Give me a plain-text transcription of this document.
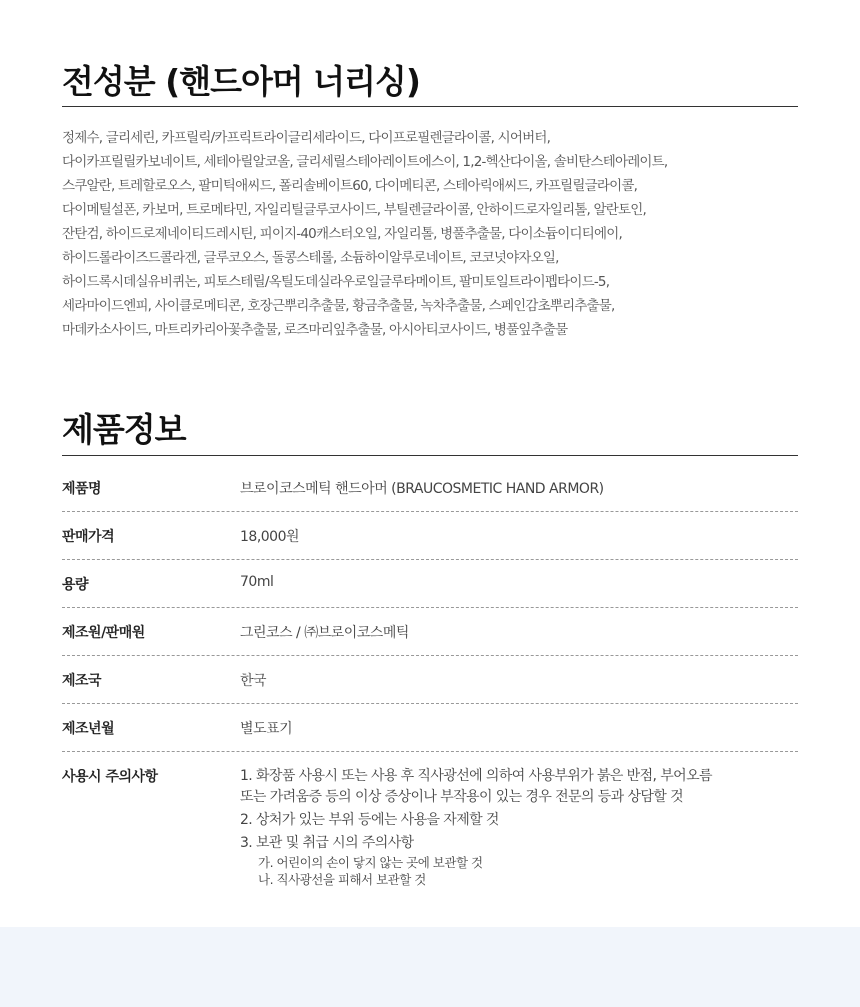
전성분 (핸드아머 너리싱)
정제수, 글리세린, 카프릴릭/카프릭트라이글리세라이드, 다이프로필렌글라이콜, 시어버터,
다이카프릴릴카보네이트, 세테아릴알코올, 글리세릴스테아레이트에스이, 1,2-헥산다이올, 솔비탄스테아레이트,
스쿠알란, 트레할로오스, 팔미틱애씨드, 폴리솔베이트60, 다이메티콘, 스테아릭애씨드, 카프릴릴글라이콜,
다이메틸설폰, 카보머, 트로메타민, 자일리틸글루코사이드, 부틸렌글라이콜, 안하이드로자일리톨, 알란토인,
잔탄검, 하이드로제네이티드레시틴, 피이지-40캐스터오일, 자일리톨, 병풀추출물, 다이소듐이디티에이,
하이드롤라이즈드콜라겐, 글루코오스, 돌콩스테롤, 소듐하이알루로네이트, 코코넛야자오일,
하이드록시데실유비퀴논, 피토스테릴/옥틸도데실라우로일글루타메이트, 팔미토일트라이펩타이드-5,
세라마이드엔피, 사이클로메티콘, 호장근뿌리추출물, 황금추출물, 녹차추출물, 스페인감초뿌리추출물,
마데카소사이드, 마트리카리아꽃추출물, 로즈마리잎추출물, 아시아티코사이드, 병풀잎추출물
제품정보
제품명	브로이코스메틱 핸드아머 (BRAUCOSMETIC HAND ARMOR)
판매가격	18,000원
용량	70ml
제조원/판매원	그린코스 / ㈜브로이코스메틱
제조국	한국
제조년월	별도표기
사용시 주의사항	1. 화장품 사용시 또는 사용 후 직사광선에 의하여 사용부위가 붉은 반점, 부어오름
또는 가려움증 등의 이상 증상이나 부작용이 있는 경우 전문의 등과 상담할 것
2. 상처가 있는 부위 등에는 사용을 자제할 것
3. 보관 및 취급 시의 주의사항
가. 어린이의 손이 닿지 않는 곳에 보관할 것
나. 직사광선을 피해서 보관할 것
